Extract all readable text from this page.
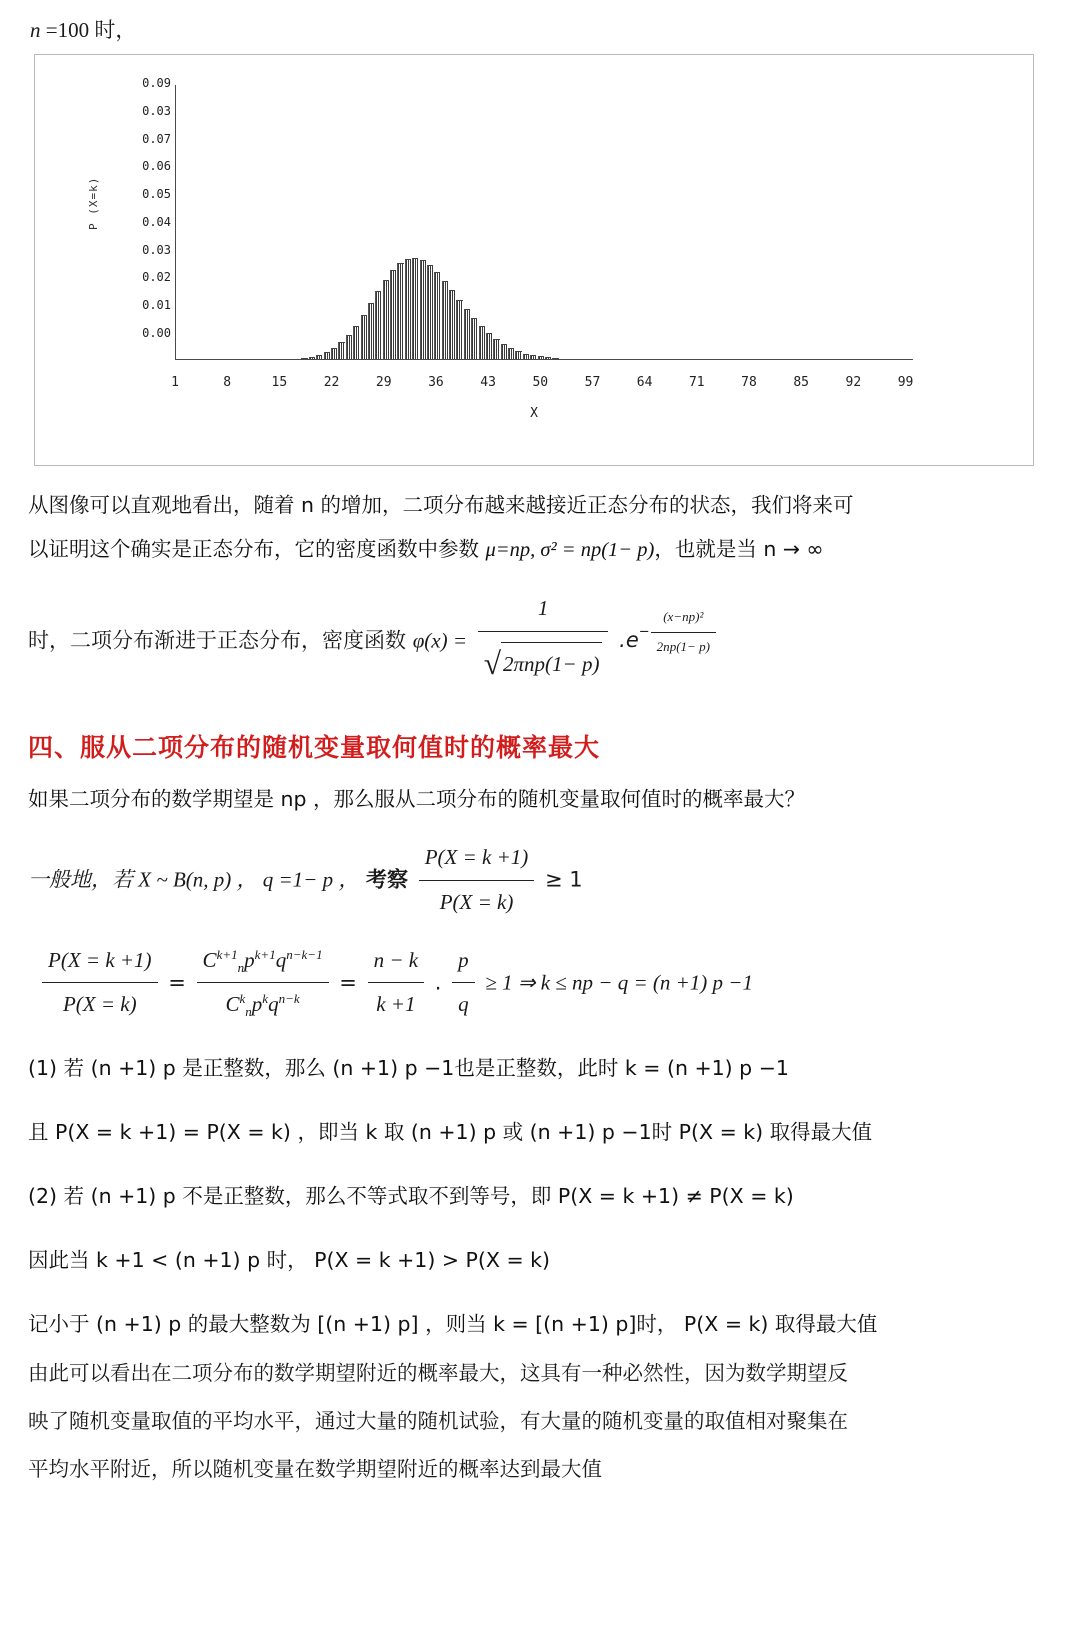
n =100 时，
P (X=k)
0.09
0.03
0.07
0.06
0.05
0.04
0.03
0.02
0.01
0.00
1	8	15	22	29	36	43	50	57	64	71	78	85	92	99
X
从图像可以直观地看出，随着 n 的增加，二项分布越来越接近正态分布的状态，我们将来可
以证明这个确实是正态分布，它的密度函数中参数 μ=np, σ² = np(1− p)，也就是当 n → ∞
时，二项分布渐进于正态分布，密度函数 $\varphi(x) = \frac{1}{\text{√2πnp(1− p)}} .e- \frac{\text{(x−np)²}}{2np(1- p)}$
四、服从二项分布的随机变量取何值时的概率最大
如果二项分布的数学期望是 np ，那么服从二项分布的随机变量取何值时的概率最大？
一般地，若 X ~ B(n, p) ， q =1− p ， 考察 $\frac{P(X = k +1)}{P(X = k)} \ge 1$
$\frac{P(X = k +1)}{P(X = k)} = \frac{C^{k+1}_np^{k+1}q^{n-k-1}}{C^k_np^kq^{n-k}} = \frac{n - k}{k +1}$ . $\frac{p}{q} \ge 1$ ⇒ k ≤ np − q = (n +1) p −1
(1) 若 (n +1) p 是正整数，那么 (n +1) p −1也是正整数，此时 k = (n +1) p −1
且 P(X = k +1) = P(X = k) ，即当 k 取 (n +1) p 或 (n +1) p −1时 P(X = k) 取得最大值
(2) 若 (n +1) p 不是正整数，那么不等式取不到等号，即 P(X = k +1) ≠ P(X = k)
因此当 k +1 < (n +1) p 时， P(X = k +1) > P(X = k)
记小于 (n +1) p 的最大整数为 [(n +1) p] ，则当 k = [(n +1) p]时， P(X = k) 取得最大值
由此可以看出在二项分布的数学期望附近的概率最大，这具有一种必然性，因为数学期望反
映了随机变量取值的平均水平，通过大量的随机试验，有大量的随机变量的取值相对聚集在
平均水平附近，所以随机变量在数学期望附近的概率达到最大值
